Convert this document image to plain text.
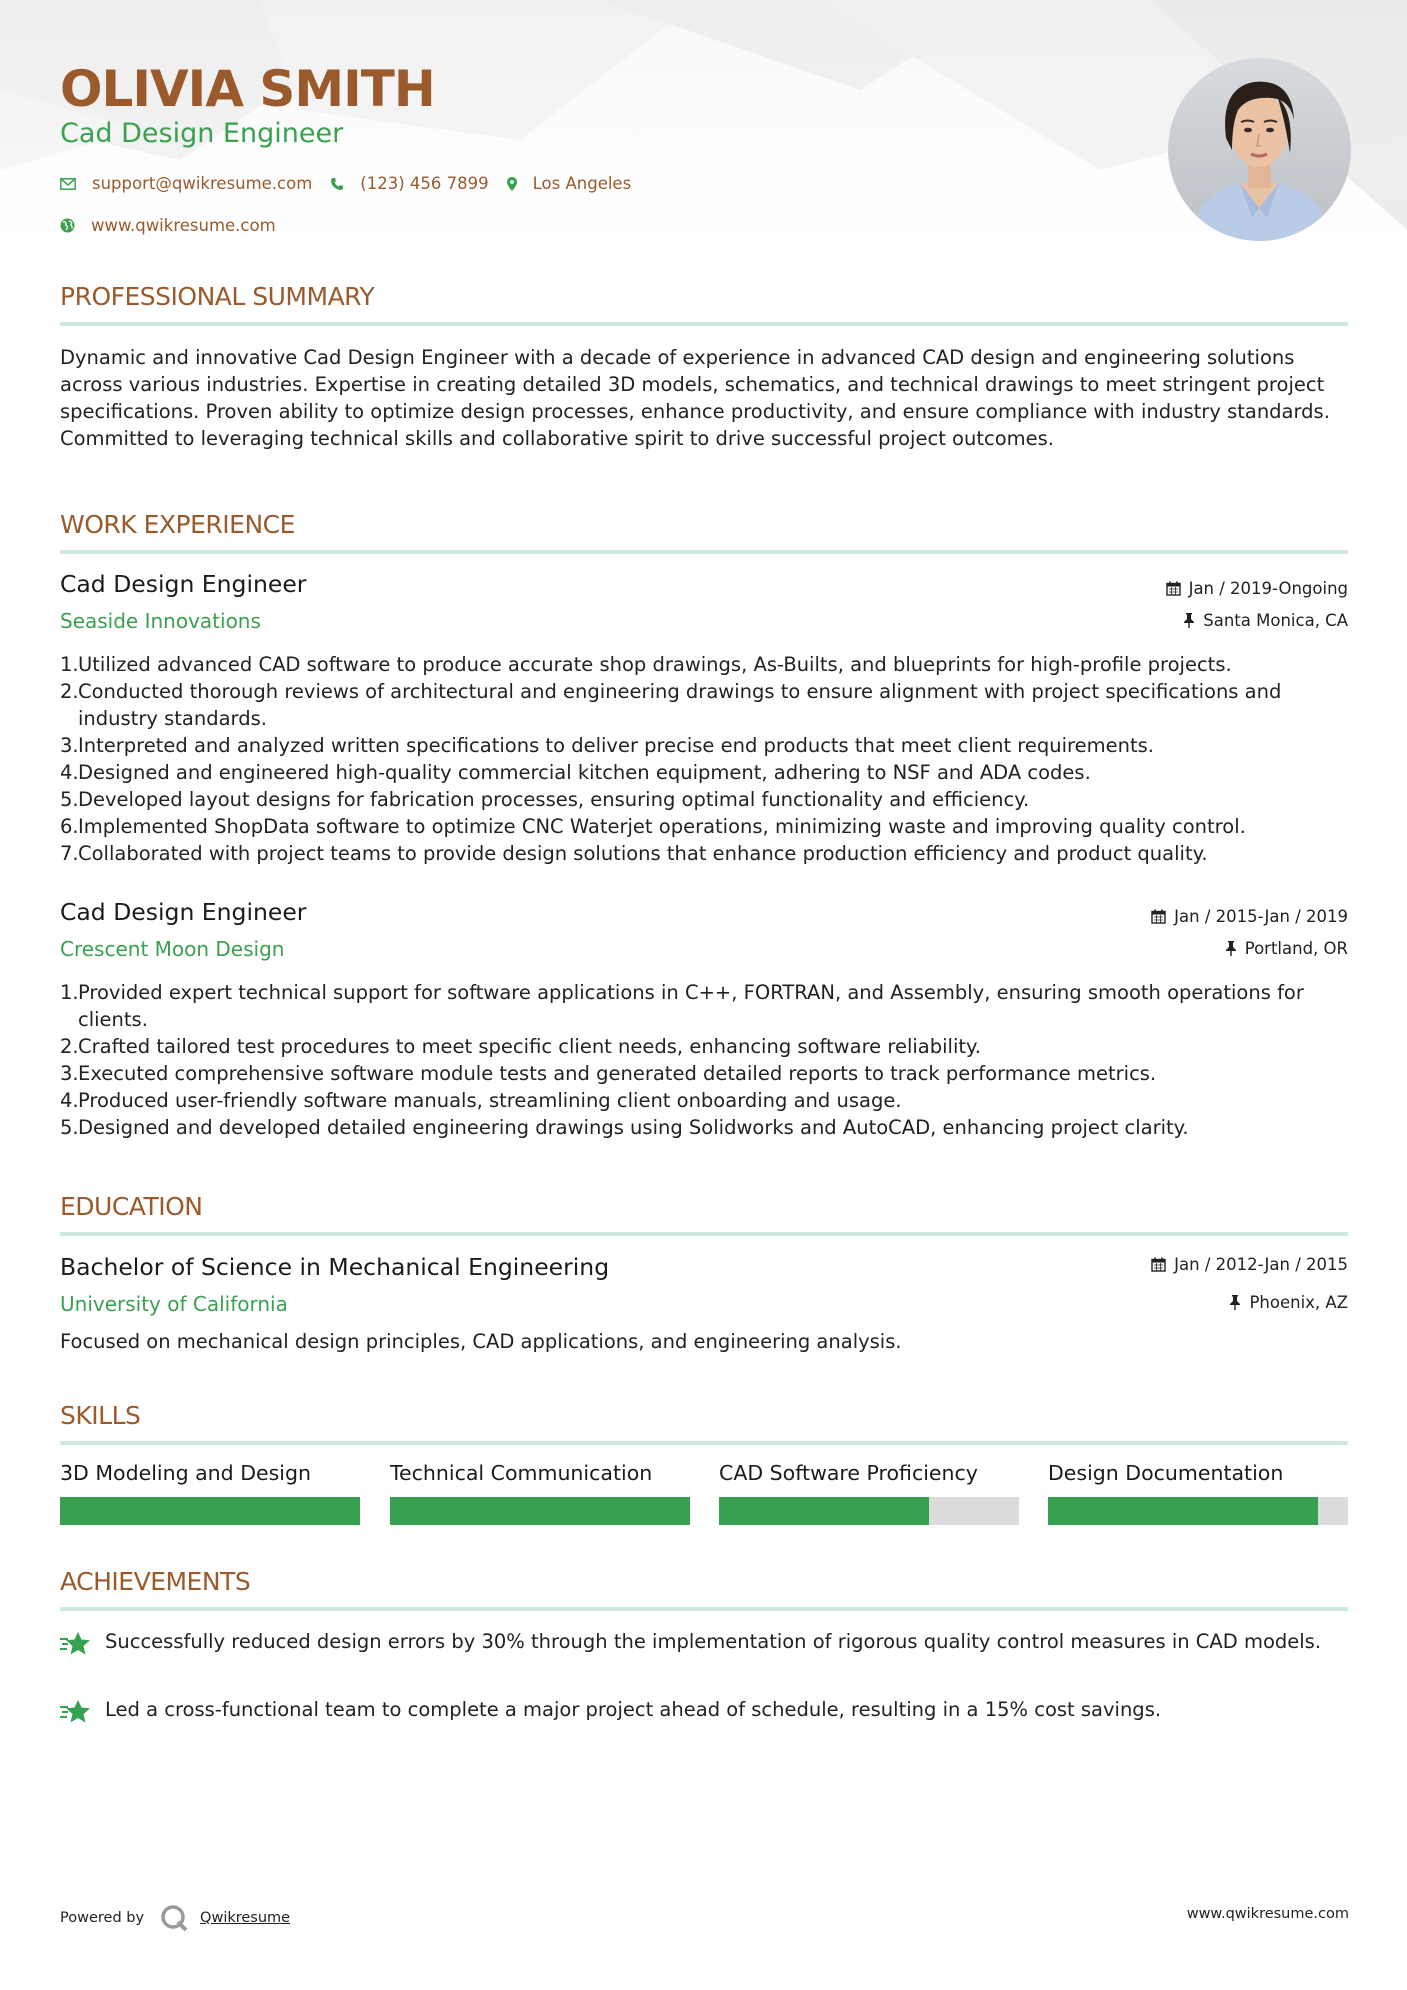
OLIVIA SMITH
Cad Design Engineer
support@qwikresume.com	(123) 456 7899	Los Angeles
www.qwikresume.com
PROFESSIONAL SUMMARY
Dynamic and innovative Cad Design Engineer with a decade of experience in advanced CAD design and engineering solutions across various industries. Expertise in creating detailed 3D models, schematics, and technical drawings to meet stringent project specifications. Proven ability to optimize design processes, enhance productivity, and ensure compliance with industry standards. Committed to leveraging technical skills and collaborative spirit to drive successful project outcomes.
WORK EXPERIENCE
Cad Design Engineer
Seaside Innovations
Jan / 2019-Ongoing
Santa Monica, CA
1. Utilized advanced CAD software to produce accurate shop drawings, As-Builts, and blueprints for high-profile projects.
2. Conducted thorough reviews of architectural and engineering drawings to ensure alignment with project specifications and industry standards.
3. Interpreted and analyzed written specifications to deliver precise end products that meet client requirements.
4. Designed and engineered high-quality commercial kitchen equipment, adhering to NSF and ADA codes.
5. Developed layout designs for fabrication processes, ensuring optimal functionality and efficiency.
6. Implemented ShopData software to optimize CNC Waterjet operations, minimizing waste and improving quality control.
7. Collaborated with project teams to provide design solutions that enhance production efficiency and product quality.
Cad Design Engineer
Crescent Moon Design
Jan / 2015-Jan / 2019
Portland, OR
1. Provided expert technical support for software applications in C++, FORTRAN, and Assembly, ensuring smooth operations for clients.
2. Crafted tailored test procedures to meet specific client needs, enhancing software reliability.
3. Executed comprehensive software module tests and generated detailed reports to track performance metrics.
4. Produced user-friendly software manuals, streamlining client onboarding and usage.
5. Designed and developed detailed engineering drawings using Solidworks and AutoCAD, enhancing project clarity.
EDUCATION
Bachelor of Science in Mechanical Engineering
University of California
Jan / 2012-Jan / 2015
Phoenix, AZ
Focused on mechanical design principles, CAD applications, and engineering analysis.
SKILLS
3D Modeling and Design	Technical Communication	CAD Software Proficiency	Design Documentation
ACHIEVEMENTS
Successfully reduced design errors by 30% through the implementation of rigorous quality control measures in CAD models.
Led a cross-functional team to complete a major project ahead of schedule, resulting in a 15% cost savings.
Powered by	Qwikresume	www.qwikresume.com
